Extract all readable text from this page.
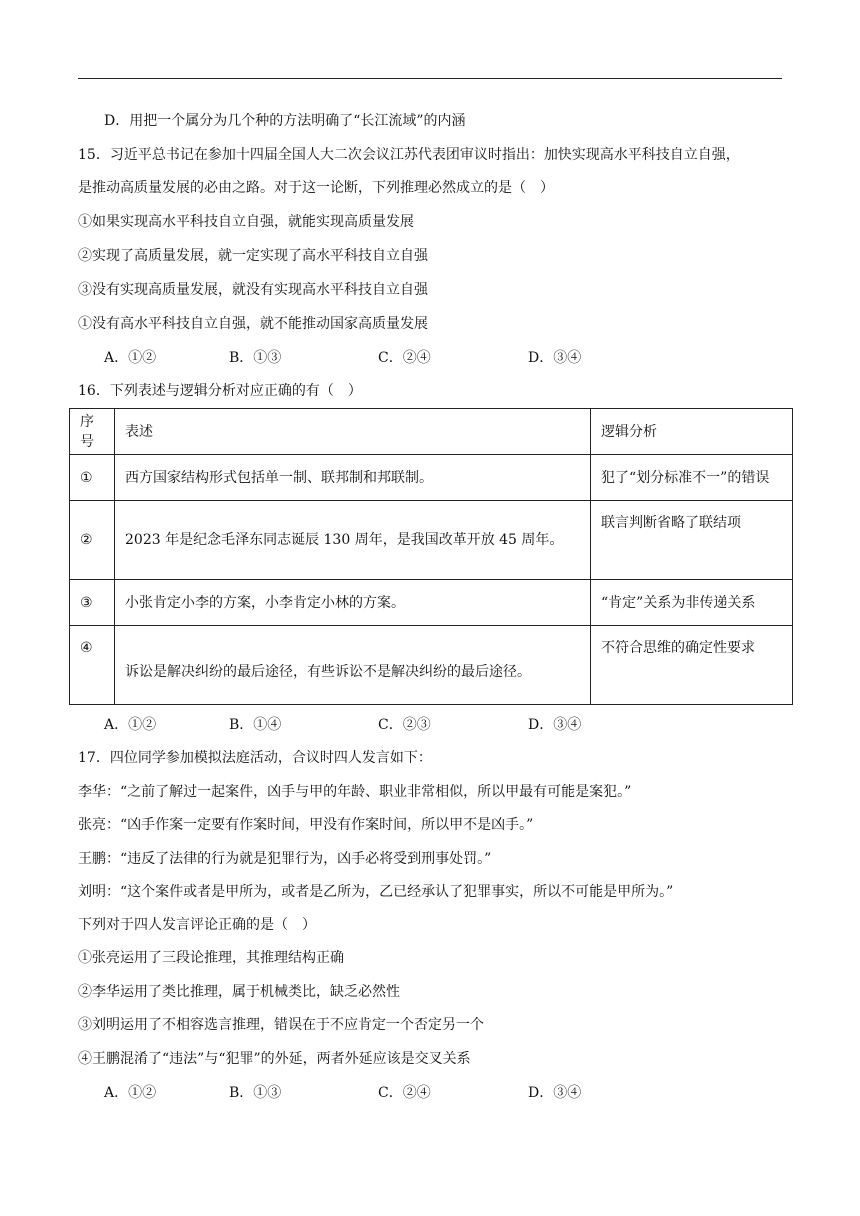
D．用把一个属分为几个种的方法明确了“长江流域”的内涵
15．习近平总书记在参加十四届全国人大二次会议江苏代表团审议时指出：加快实现高水平科技自立自强，
是推动高质量发展的必由之路。对于这一论断，下列推理必然成立的是（　）
①如果实现高水平科技自立自强，就能实现高质量发展
②实现了高质量发展，就一定实现了高水平科技自立自强
③没有实现高质量发展，就没有实现高水平科技自立自强
①没有高水平科技自立自强，就不能推动国家高质量发展
A．①②	B．①③	C．②④	D．③④
16．下列表述与逻辑分析对应正确的有（　）
序号	表述	逻辑分析
①	西方国家结构形式包括单一制、联邦制和邦联制。	犯了“划分标准不一”的错误
②	2023 年是纪念毛泽东同志诞辰 130 周年，是我国改革开放 45 周年。	联言判断省略了联结项
③	小张肯定小李的方案，小李肯定小林的方案。	“肯定”关系为非传递关系
④	诉讼是解决纠纷的最后途径，有些诉讼不是解决纠纷的最后途径。	不符合思维的确定性要求
A．①②	B．①④	C．②③	D．③④
17．四位同学参加模拟法庭活动，合议时四人发言如下：
李华：“之前了解过一起案件，凶手与甲的年龄、职业非常相似，所以甲最有可能是案犯。”
张亮：“凶手作案一定要有作案时间，甲没有作案时间，所以甲不是凶手。”
王鹏：“违反了法律的行为就是犯罪行为，凶手必将受到刑事处罚。”
刘明：“这个案件或者是甲所为，或者是乙所为，乙已经承认了犯罪事实，所以不可能是甲所为。”
下列对于四人发言评论正确的是（　）
①张亮运用了三段论推理，其推理结构正确
②李华运用了类比推理，属于机械类比，缺乏必然性
③刘明运用了不相容选言推理，错误在于不应肯定一个否定另一个
④王鹏混淆了“违法”与“犯罪”的外延，两者外延应该是交叉关系
A．①②	B．①③	C．②④	D．③④
